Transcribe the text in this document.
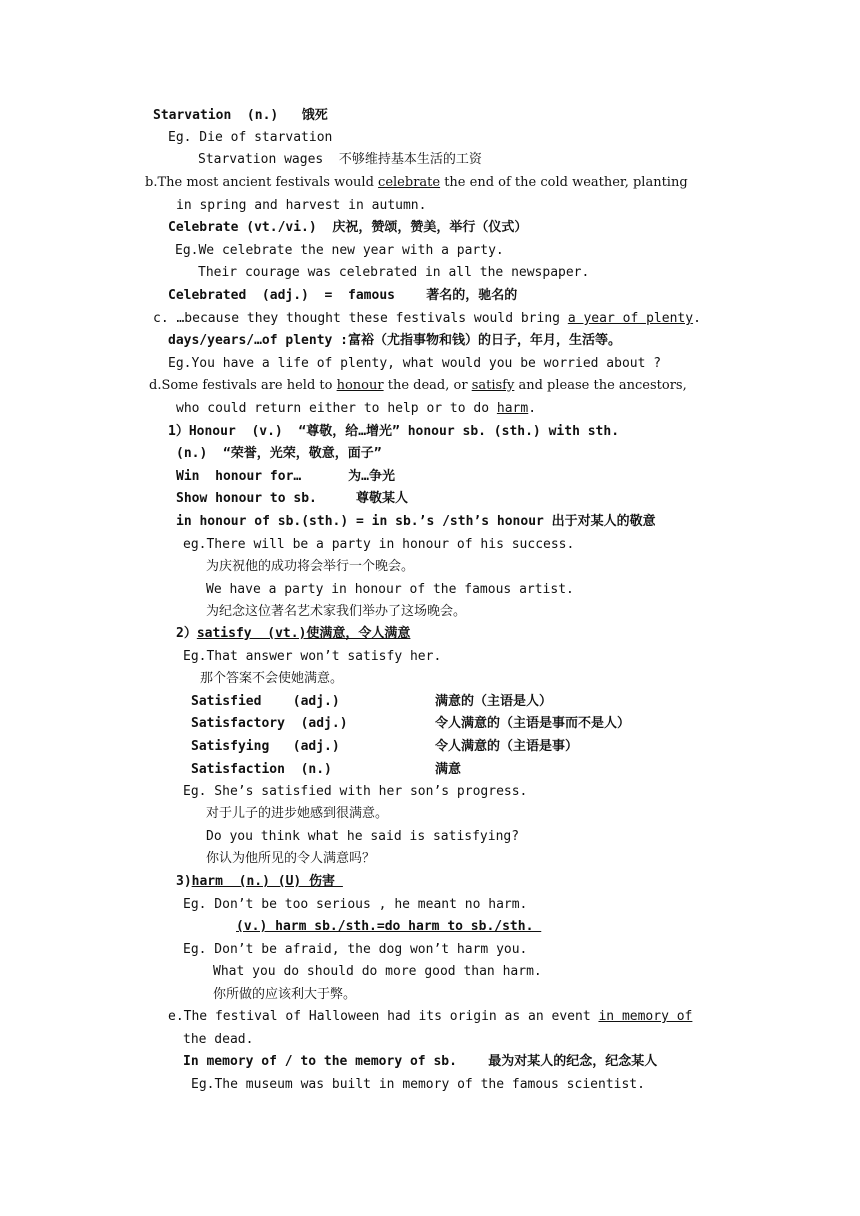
Starvation  (n.)   饿死
Eg. Die of starvation
Starvation wages  不够维持基本生活的工资
b.The most ancient festivals would celebrate the end of the cold weather, planting
in spring and harvest in autumn.
Celebrate (vt./vi.)  庆祝，赞颂，赞美，举行（仪式）
Eg.We celebrate the new year with a party.
Their courage was celebrated in all the newspaper.
Celebrated  (adj.)  =  famous    著名的，驰名的
c. …because they thought these festivals would bring a year of plenty.
days/years/…of plenty :富裕（尤指事物和钱）的日子，年月，生活等。
Eg.You have a life of plenty, what would you be worried about ?
d.Some festivals are held to honour the dead, or satisfy and please the ancestors,
who could return either to help or to do harm.
1）Honour  (v.)  “尊敬，给…增光” honour sb. (sth.) with sth.
(n.)  “荣誉，光荣，敬意，面子”
Win  honour for…      为…争光
Show honour to sb.     尊敬某人
in honour of sb.(sth.) = in sb.’s /sth’s honour 出于对某人的敬意
eg.There will be a party in honour of his success.
为庆祝他的成功将会举行一个晚会。
We have a party in honour of the famous artist.
为纪念这位著名艺术家我们举办了这场晚会。
2）satisfy  (vt.)使满意，令人满意
Eg.That answer won’t satisfy her.
那个答案不会使她满意。
Satisfied    (adj.)	满意的（主语是人）
Satisfactory  (adj.)	令人满意的（主语是事而不是人）
Satisfying   (adj.)	令人满意的（主语是事）
Satisfaction  (n.)	满意
Eg. She’s satisfied with her son’s progress.
对于儿子的进步她感到很满意。
Do you think what he said is satisfying?
你认为他所见的令人满意吗？
3)harm  (n.) (U) 伤害
Eg. Don’t be too serious , he meant no harm.
(v.) harm sb./sth.=do harm to sb./sth.
Eg. Don’t be afraid, the dog won’t harm you.
What you do should do more good than harm.
你所做的应该利大于弊。
e.The festival of Halloween had its origin as an event in memory of
the dead.
In memory of / to the memory of sb.    最为对某人的纪念，纪念某人
Eg.The museum was built in memory of the famous scientist.
